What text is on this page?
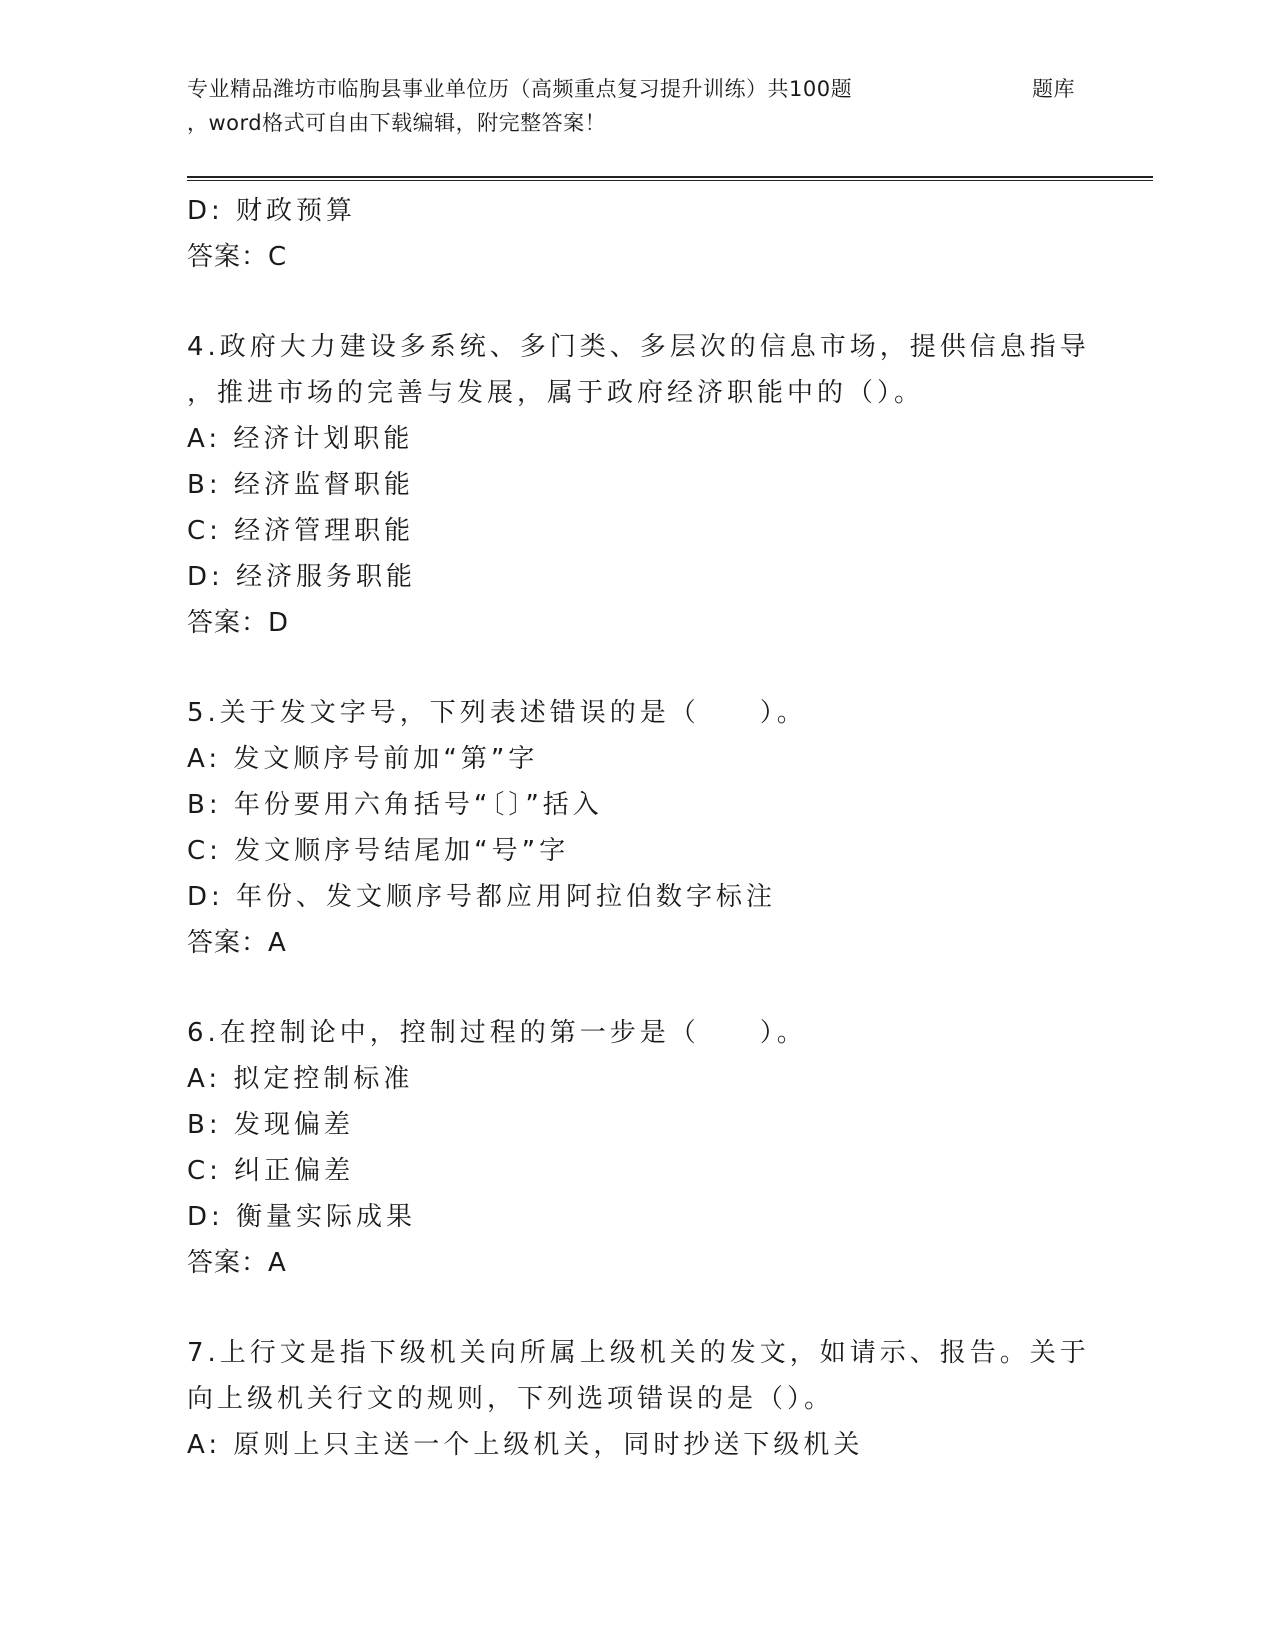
专业精品潍坊市临朐县事业单位历（高频重点复习提升训练）共100题	题库
，word格式可自由下载编辑，附完整答案！
D: 财政预算
答案：C
4.政府大力建设多系统、多门类、多层次的信息市场，提供信息指导
，推进市场的完善与发展，属于政府经济职能中的（）。
A: 经济计划职能
B: 经济监督职能
C: 经济管理职能
D: 经济服务职能
答案：D
5.关于发文字号，下列表述错误的是（　　）。
A: 发文顺序号前加“第”字
B: 年份要用六角括号“〔〕”括入
C: 发文顺序号结尾加“号”字
D: 年份、发文顺序号都应用阿拉伯数字标注
答案：A
6.在控制论中，控制过程的第一步是（　　）。
A: 拟定控制标准
B: 发现偏差
C: 纠正偏差
D: 衡量实际成果
答案：A
7.上行文是指下级机关向所属上级机关的发文，如请示、报告。关于
向上级机关行文的规则，下列选项错误的是（）。
A: 原则上只主送一个上级机关，同时抄送下级机关
